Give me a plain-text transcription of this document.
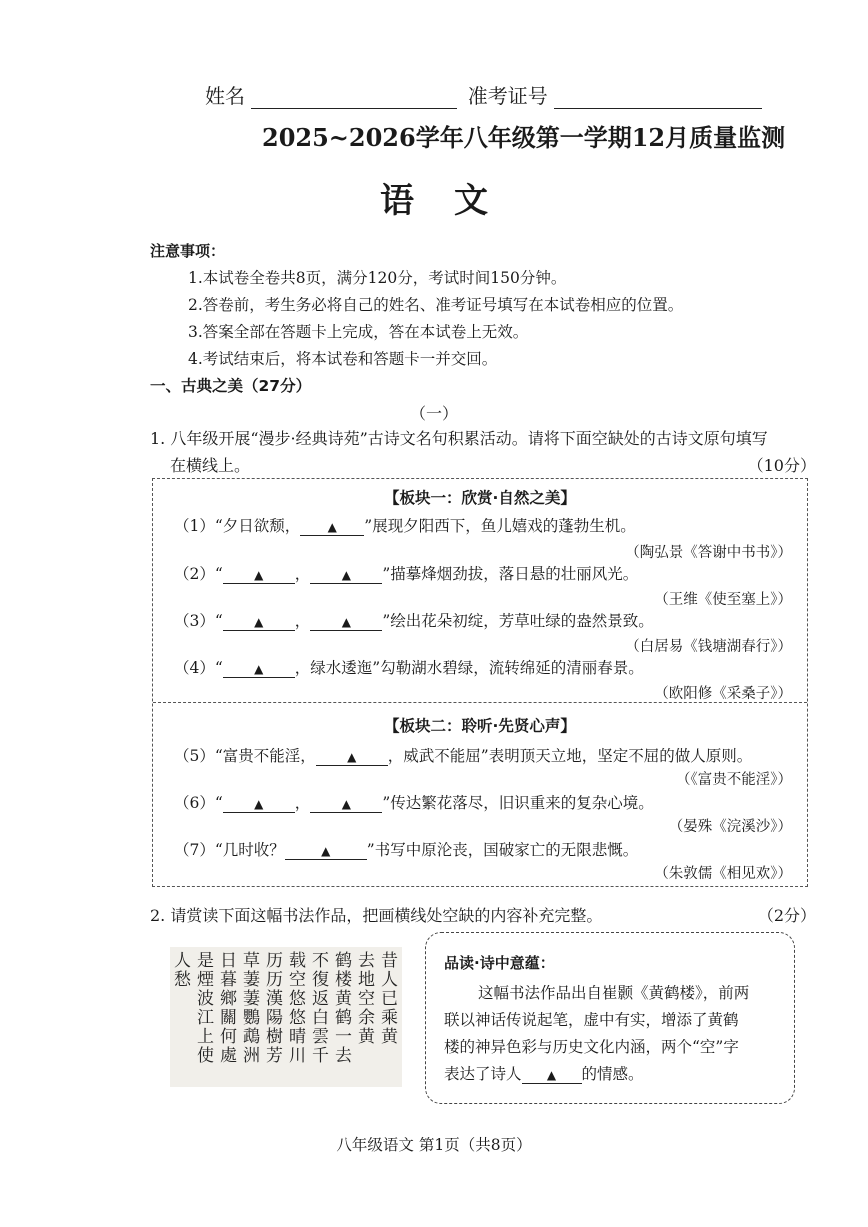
姓名	准考证号
2025~2026学年八年级第一学期12月质量监测
语文
注意事项：
1.本试卷全卷共8页，满分120分，考试时间150分钟。
2.答卷前，考生务必将自己的姓名、准考证号填写在本试卷相应的位置。
3.答案全部在答题卡上完成，答在本试卷上无效。
4.考试结束后，将本试卷和答题卡一并交回。
一、古典之美（27分）
（一）
1. 八年级开展“漫步·经典诗苑”古诗文名句积累活动。请将下面空缺处的古诗文原句填写
在横线上。	（10分）
【板块一：欣赏·自然之美】
（1）“夕日欲颓， ▲ ”展现夕阳西下，鱼儿嬉戏的蓬勃生机。
（陶弘景《答谢中书书》）
（2）“	▲ ，	▲ ”描摹烽烟劲拔，落日悬的壮丽风光。
（王维《使至塞上》）
（3）“	▲ ，	▲ ”绘出花朵初绽，芳草吐绿的盎然景致。
（白居易《钱塘湖春行》）
（4）“	▲ ，绿水逶迤”勾勒湖水碧绿，流转绵延的清丽春景。
（欧阳修《采桑子》）
【板块二：聆听·先贤心声】
（5）“富贵不能淫，	▲ ，威武不能屈”表明顶天立地，坚定不屈的做人原则。
（《富贵不能淫》）
（6）“	▲ ，	▲ ”传达繁花落尽，旧识重来的复杂心境。
（晏殊《浣溪沙》）
（7）“几时收？	▲ ”书写中原沦丧，国破家亡的无限悲慨。
（朱敦儒《相见欢》）
2. 请赏读下面这幅书法作品，把画横线处空缺的内容补充完整。	（2分）
昔人已乘黄
去地空余黄
鹤楼黄鹤一去
不復返白雲千
载空悠悠晴川
历历漢陽樹芳
草萋萋鸚鵡洲
日暮鄉關何處
是煙波江上使
人愁	品读·诗中意蕴：
这幅书法作品出自崔颢《黄鹤楼》，前两
联以神话传说起笔，虚中有实，增添了黄鹤
楼的神异色彩与历史文化内涵，两个“空”字
表达了诗人 ▲ 的情感。
八年级语文 第1页（共8页）
